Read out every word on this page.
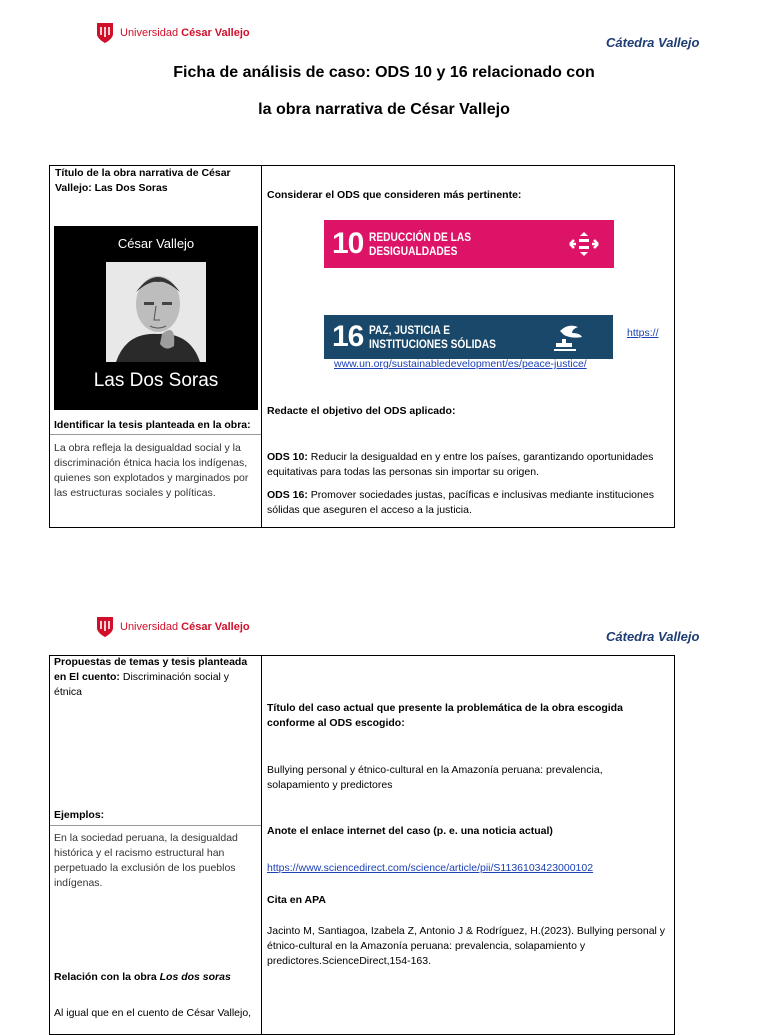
Universidad César Vallejo
Cátedra Vallejo
Ficha de análisis de caso: ODS 10 y 16 relacionado con
la obra narrativa de César Vallejo
Título de la obra narrativa de César Vallejo: Las Dos Soras
César Vallejo
Las Dos Soras
Identificar la tesis planteada en la obra:
La obra refleja la desigualdad social y la discriminación étnica hacia los indígenas, quienes son explotados y marginados por las estructuras sociales y políticas.
Considerar el ODS que consideren más pertinente:
10 REDUCCIÓN DE LAS
DESIGUALDADES
16 PAZ, JUSTICIA E
INSTITUCIONES SÓLIDAS
https://
www.un.org/sustainabledevelopment/es/peace-justice/
Redacte el objetivo del ODS aplicado:
ODS 10: Reducir la desigualdad en y entre los países, garantizando oportunidades equitativas para todas las personas sin importar su origen.
ODS 16: Promover sociedades justas, pacíficas e inclusivas mediante instituciones sólidas que aseguren el acceso a la justicia.
Universidad César Vallejo
Cátedra Vallejo
Propuestas de temas y tesis planteada en El cuento: Discriminación social y étnica
Ejemplos:
En la sociedad peruana, la desigualdad histórica y el racismo estructural han perpetuado la exclusión de los pueblos indígenas.
Relación con la obra Los dos soras
Al igual que en el cuento de César Vallejo,
Título del caso actual que presente la problemática de la obra escogida conforme al ODS escogido:
Bullying personal y étnico-cultural en la Amazonía peruana: prevalencia, solapamiento y predictores
Anote el enlace internet del caso (p. e. una noticia actual)
https://www.sciencedirect.com/science/article/pii/S1136103423000102
Cita en APA
Jacinto M, Santiagoa, Izabela Z, Antonio J & Rodríguez, H.(2023). Bullying personal y étnico-cultural en la Amazonía peruana: prevalencia, solapamiento y predictores.ScienceDirect,154-163.
